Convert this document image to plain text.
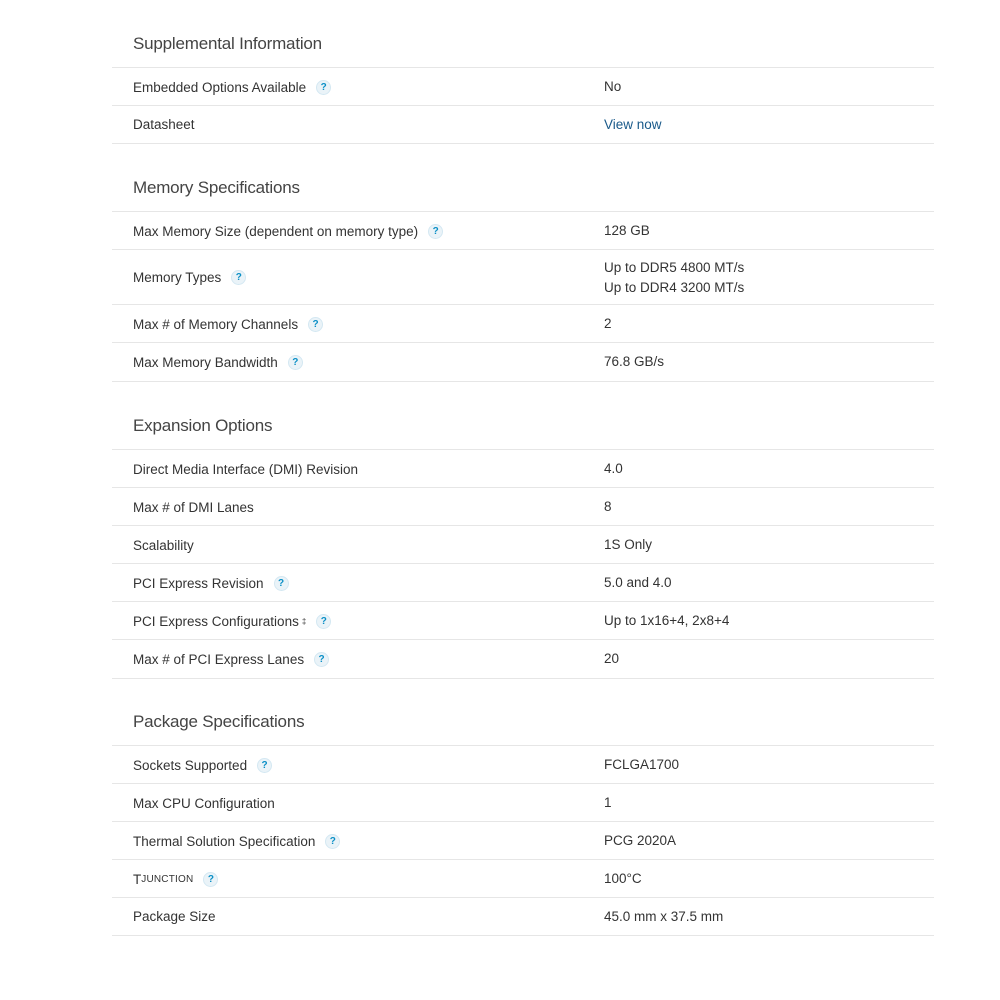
Supplemental Information
Embedded Options Available	?	No
Datasheet	View now
Memory Specifications
Max Memory Size (dependent on memory type)	?	128 GB
Memory Types	?
Up to DDR5 4800 MT/s
Up to DDR4 3200 MT/s
Max # of Memory Channels	?	2
Max Memory Bandwidth	?	76.8 GB/s
Expansion Options
Direct Media Interface (DMI) Revision	4.0
Max # of DMI Lanes	8
Scalability	1S Only
PCI Express Revision	?	5.0 and 4.0
PCI Express Configurations ‡	?	Up to 1x16+4, 2x8+4
Max # of PCI Express Lanes	?	20
Package Specifications
Sockets Supported	?	FCLGA1700
Max CPU Configuration	1
Thermal Solution Specification	?	PCG 2020A
T JUNCTION	?	100°C
Package Size	45.0 mm x 37.5 mm
